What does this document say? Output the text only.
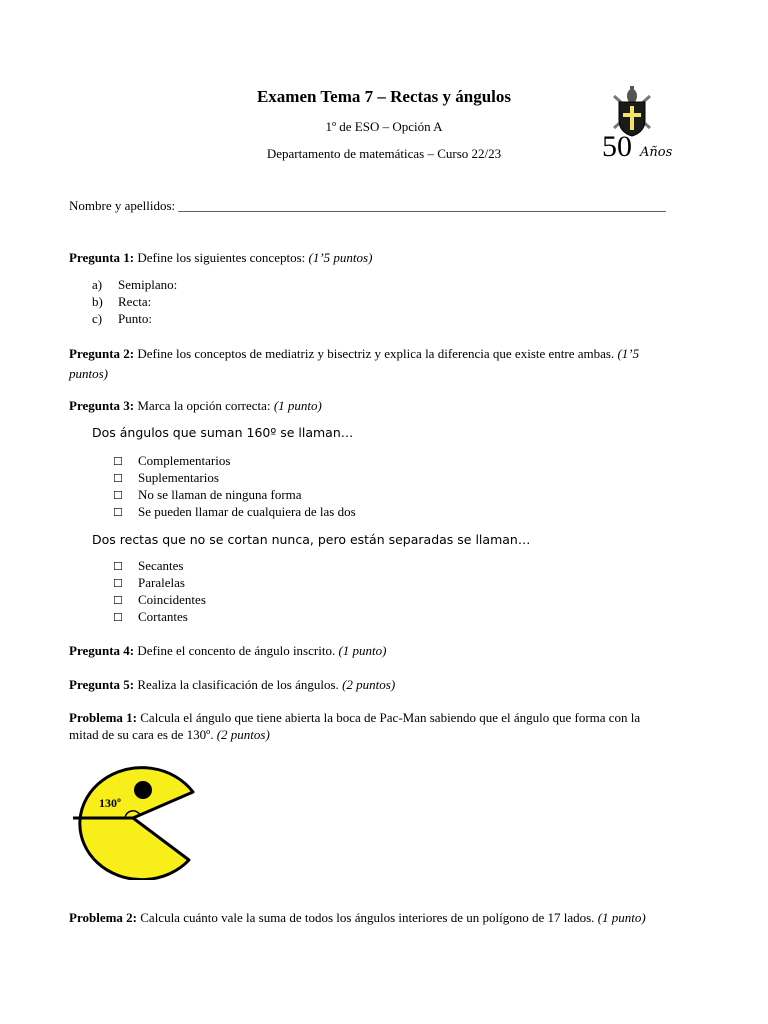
Examen Tema 7 – Rectas y ángulos
1º de ESO – Opción A
Departamento de matemáticas – Curso 22/23	50 Años
Nombre y apellidos: ___________________________________________________________________________
Pregunta 1: Define los siguientes conceptos: (1’5 puntos)
a) Semiplano:
b) Recta:
c) Punto:
Pregunta 2: Define los conceptos de mediatriz y bisectriz y explica la diferencia que existe entre ambas. (1’5
puntos)
Pregunta 3: Marca la opción correcta: (1 punto)
Dos ángulos que suman 160º se llaman…
☐ Complementarios
☐ Suplementarios
☐ No se llaman de ninguna forma
☐ Se pueden llamar de cualquiera de las dos
Dos rectas que no se cortan nunca, pero están separadas se llaman…
☐ Secantes
☐ Paralelas
☐ Coincidentes
☐ Cortantes
Pregunta 4: Define el concento de ángulo inscrito. (1 punto)
Pregunta 5: Realiza la clasificación de los ángulos. (2 puntos)
Problema 1: Calcula el ángulo que tiene abierta la boca de Pac-Man sabiendo que el ángulo que forma con la
mitad de su cara es de 130º. (2 puntos)
130º
Problema 2: Calcula cuánto vale la suma de todos los ángulos interiores de un polígono de 17 lados. (1 punto)
